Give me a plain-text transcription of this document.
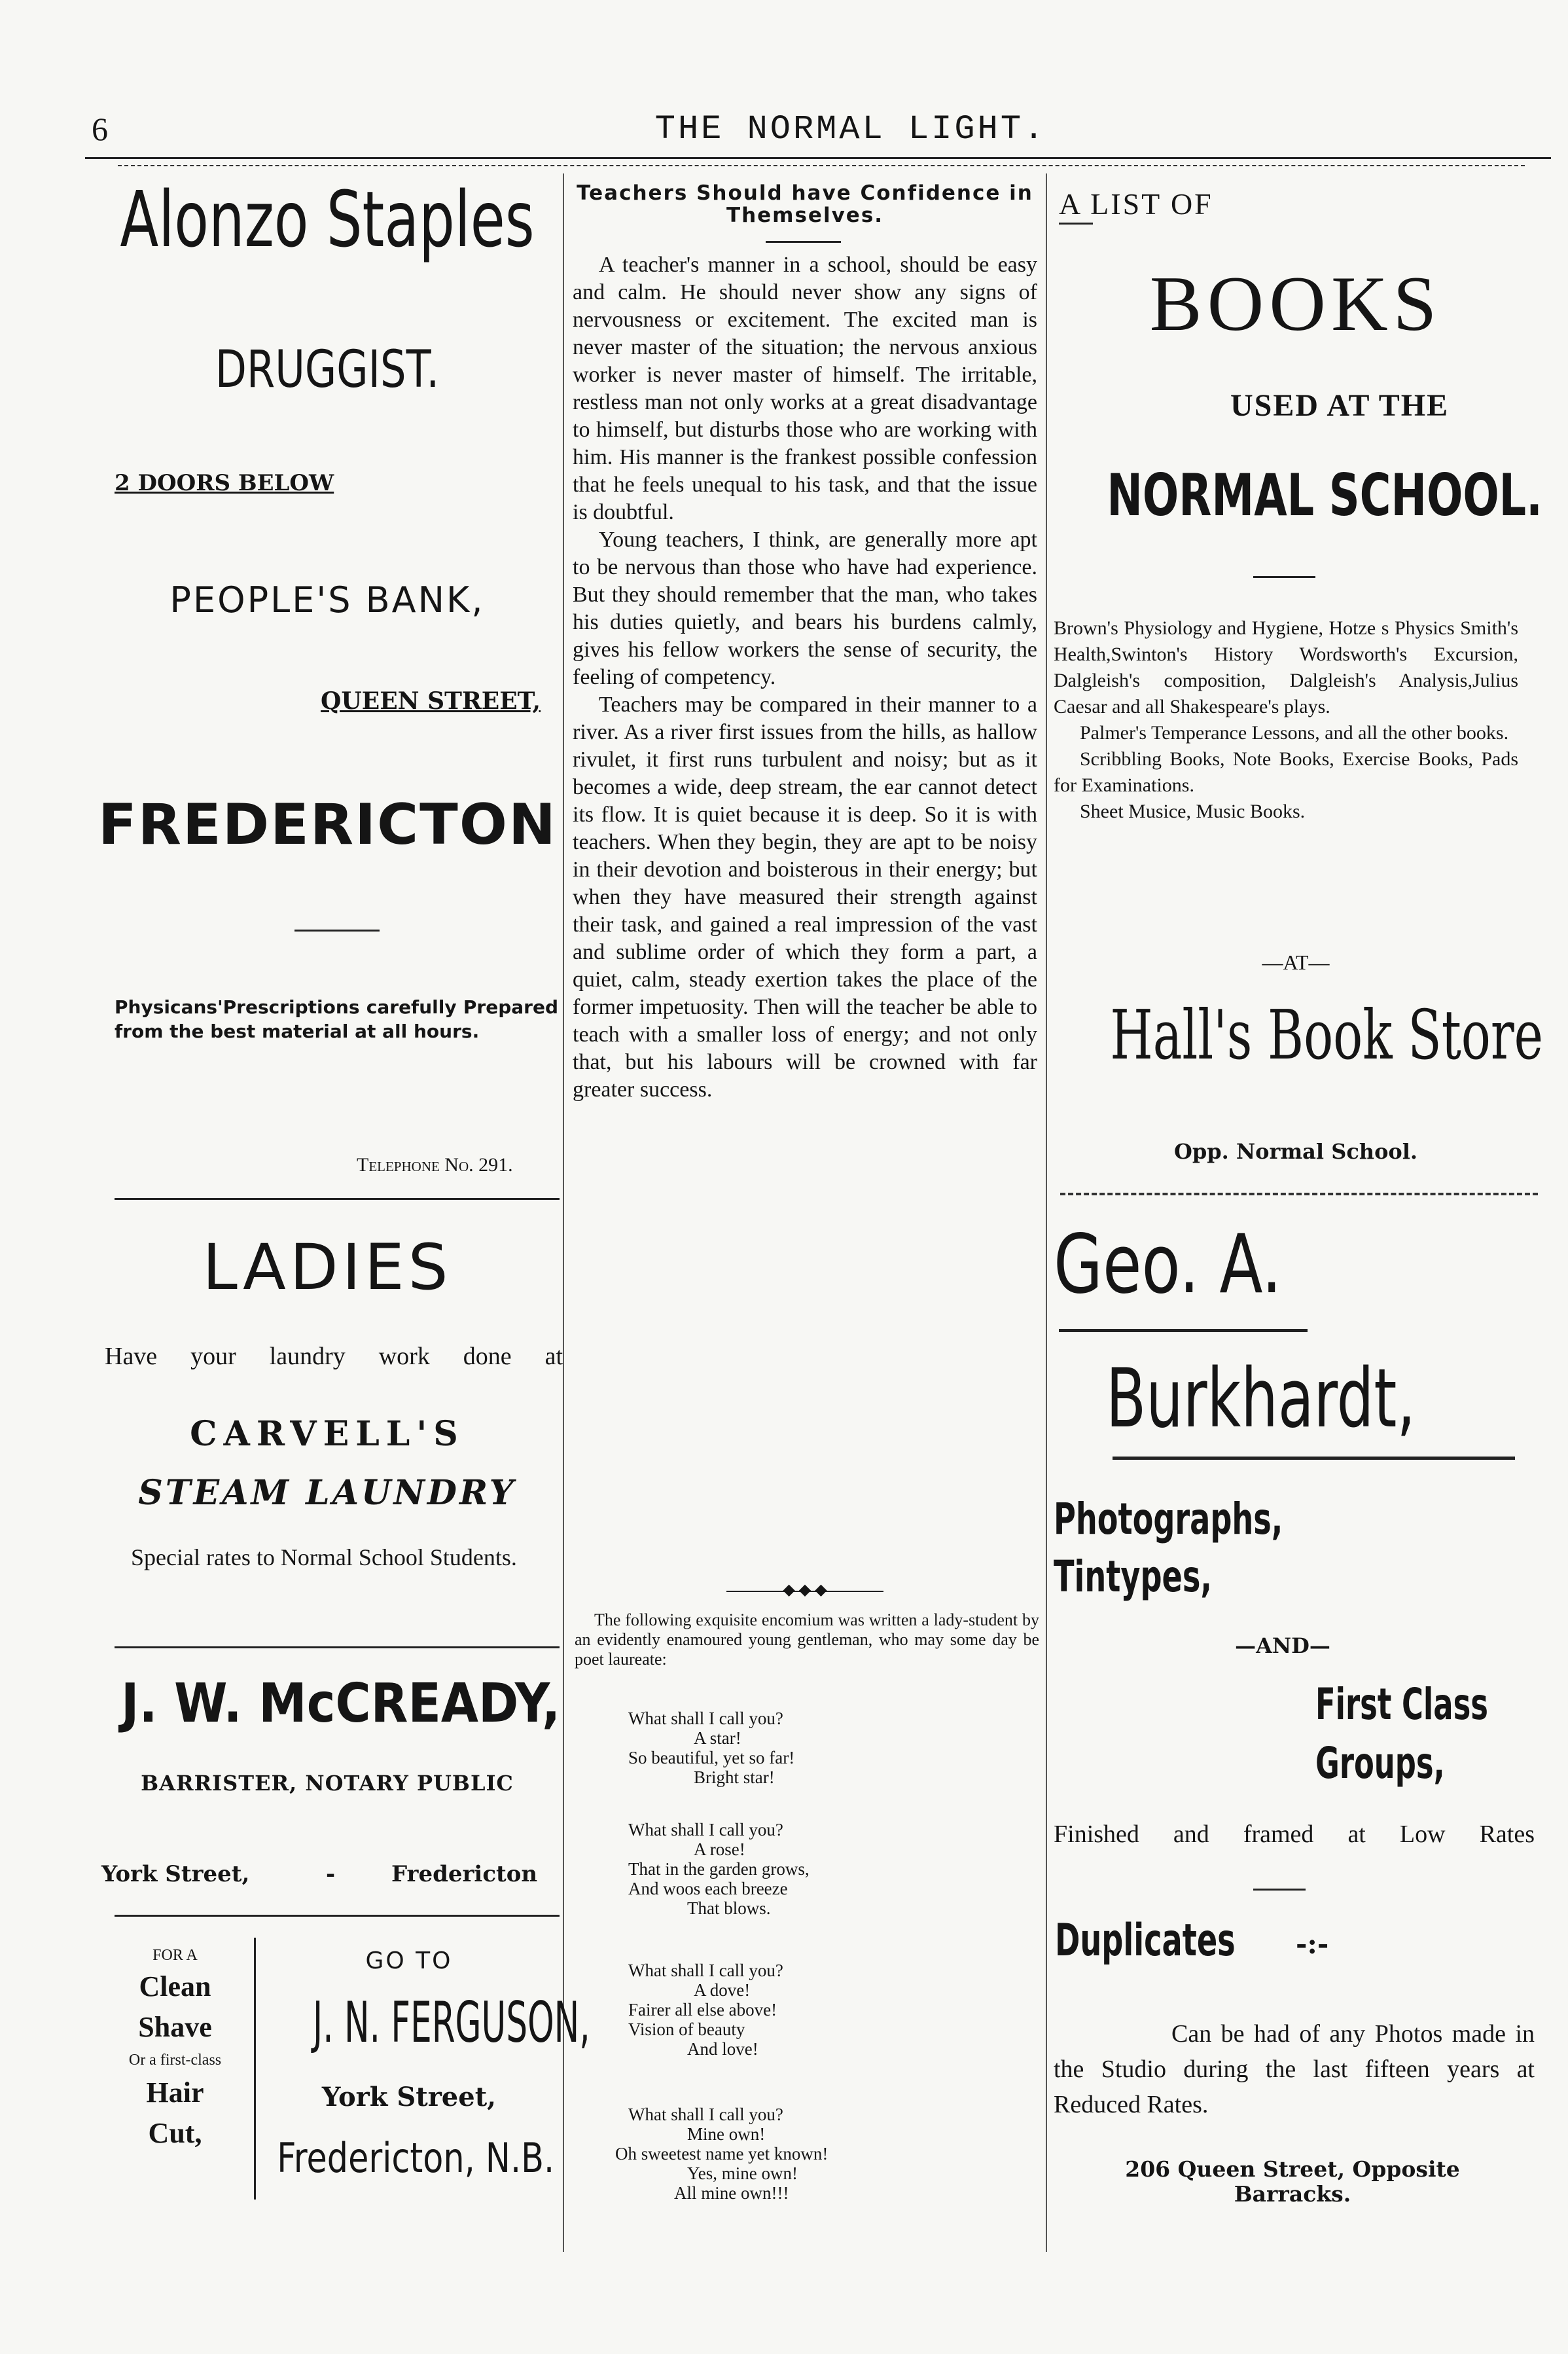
6	THE NORMAL LIGHT.
Alonzo Staples
DRUGGIST.
2 DOORS BELOW
PEOPLE'S BANK,
QUEEN STREET,
FREDERICTON
Physicans'Prescriptions carefully Prepared from the best material at all hours.
Telephone No. 291.
LADIES
Have your laundry work done at
CARVELL'S
STEAM LAUNDRY
Special rates to Normal School Students.
J. W. McCREADY,
BARRISTER, NOTARY PUBLIC
York Street,	-	Fredericton
FOR A
Clean
Shave
Or a first-class
Hair
Cut,
GO TO
J. N. FERGUSON,
York Street,
Fredericton, N.B.
Teachers Should have Confidence in Themselves.

A teacher's manner in a school, should be easy and calm. He should never show any signs of nervousness or excitement. The excited man is never master of the situation; the nervous anxious worker is never master of himself. The irritable, restless man not only works at a great disadvantage to himself, but disturbs those who are working with him. His manner is the frankest possible confession that he feels unequal to his task, and that the issue is doubtful.

Young teachers, I think, are generally more apt to be nervous than those who have had experience. But they should remember that the man, who takes his duties quietly, and bears his burdens calmly, gives his fellow workers the sense of security, the feeling of competency.

Teachers may be compared in their manner to a river. As a river first issues from the hills, as hallow rivulet, it first runs turbulent and noisy; but as it becomes a wide, deep stream, the ear cannot detect its flow. It is quiet because it is deep. So it is with teachers. When they begin, they are apt to be noisy in their devotion and boisterous in their energy; but when they have measured their strength against their task, and gained a real impression of the vast and sublime order of which they form a part, a quiet, calm, steady exertion takes the place of the former impetuosity. Then will the teacher be able to teach with a smaller loss of energy; and not only that, but his labours will be crowned with far greater success.

◆ ◆ ◆
The following exquisite encomium was written a lady-student by an evidently enamoured young gentleman, who may some day be poet laureate:
What shall I call you?
A star!
So beautiful, yet so far!
Bright star!
What shall I call you?
A rose!
That in the garden grows,
And woos each breeze
That blows.
What shall I call you?
A dove!
Fairer all else above!
Vision of beauty
And love!
What shall I call you?
Mine own!
Oh sweetest name yet known!
Yes, mine own!
All mine own!!!
A LIST OF
BOOKS
USED AT THE
NORMAL SCHOOL.
Brown's Physiology and Hygiene, Hotze s Physics Smith's Health,Swinton's History Wordsworth's Excursion, Dalgleish's composition, Dalgleish's Analysis,Julius Caesar and all Shakespeare's plays.
Palmer's Temperance Lessons, and all the other books.
Scribbling Books, Note Books, Exercise Books, Pads for Examinations.
Sheet Musice, Music Books.
—AT—
Hall's Book Store
Opp. Normal School.
Geo. A.
Burkhardt,
Photographs,
Tintypes,
—AND—
First Class
Groups,
Finished and framed at Low Rates
Duplicates -:-
Can be had of any Photos made in the Studio during the last fifteen years at Reduced Rates.
206 Queen Street, Opposite Barracks.
